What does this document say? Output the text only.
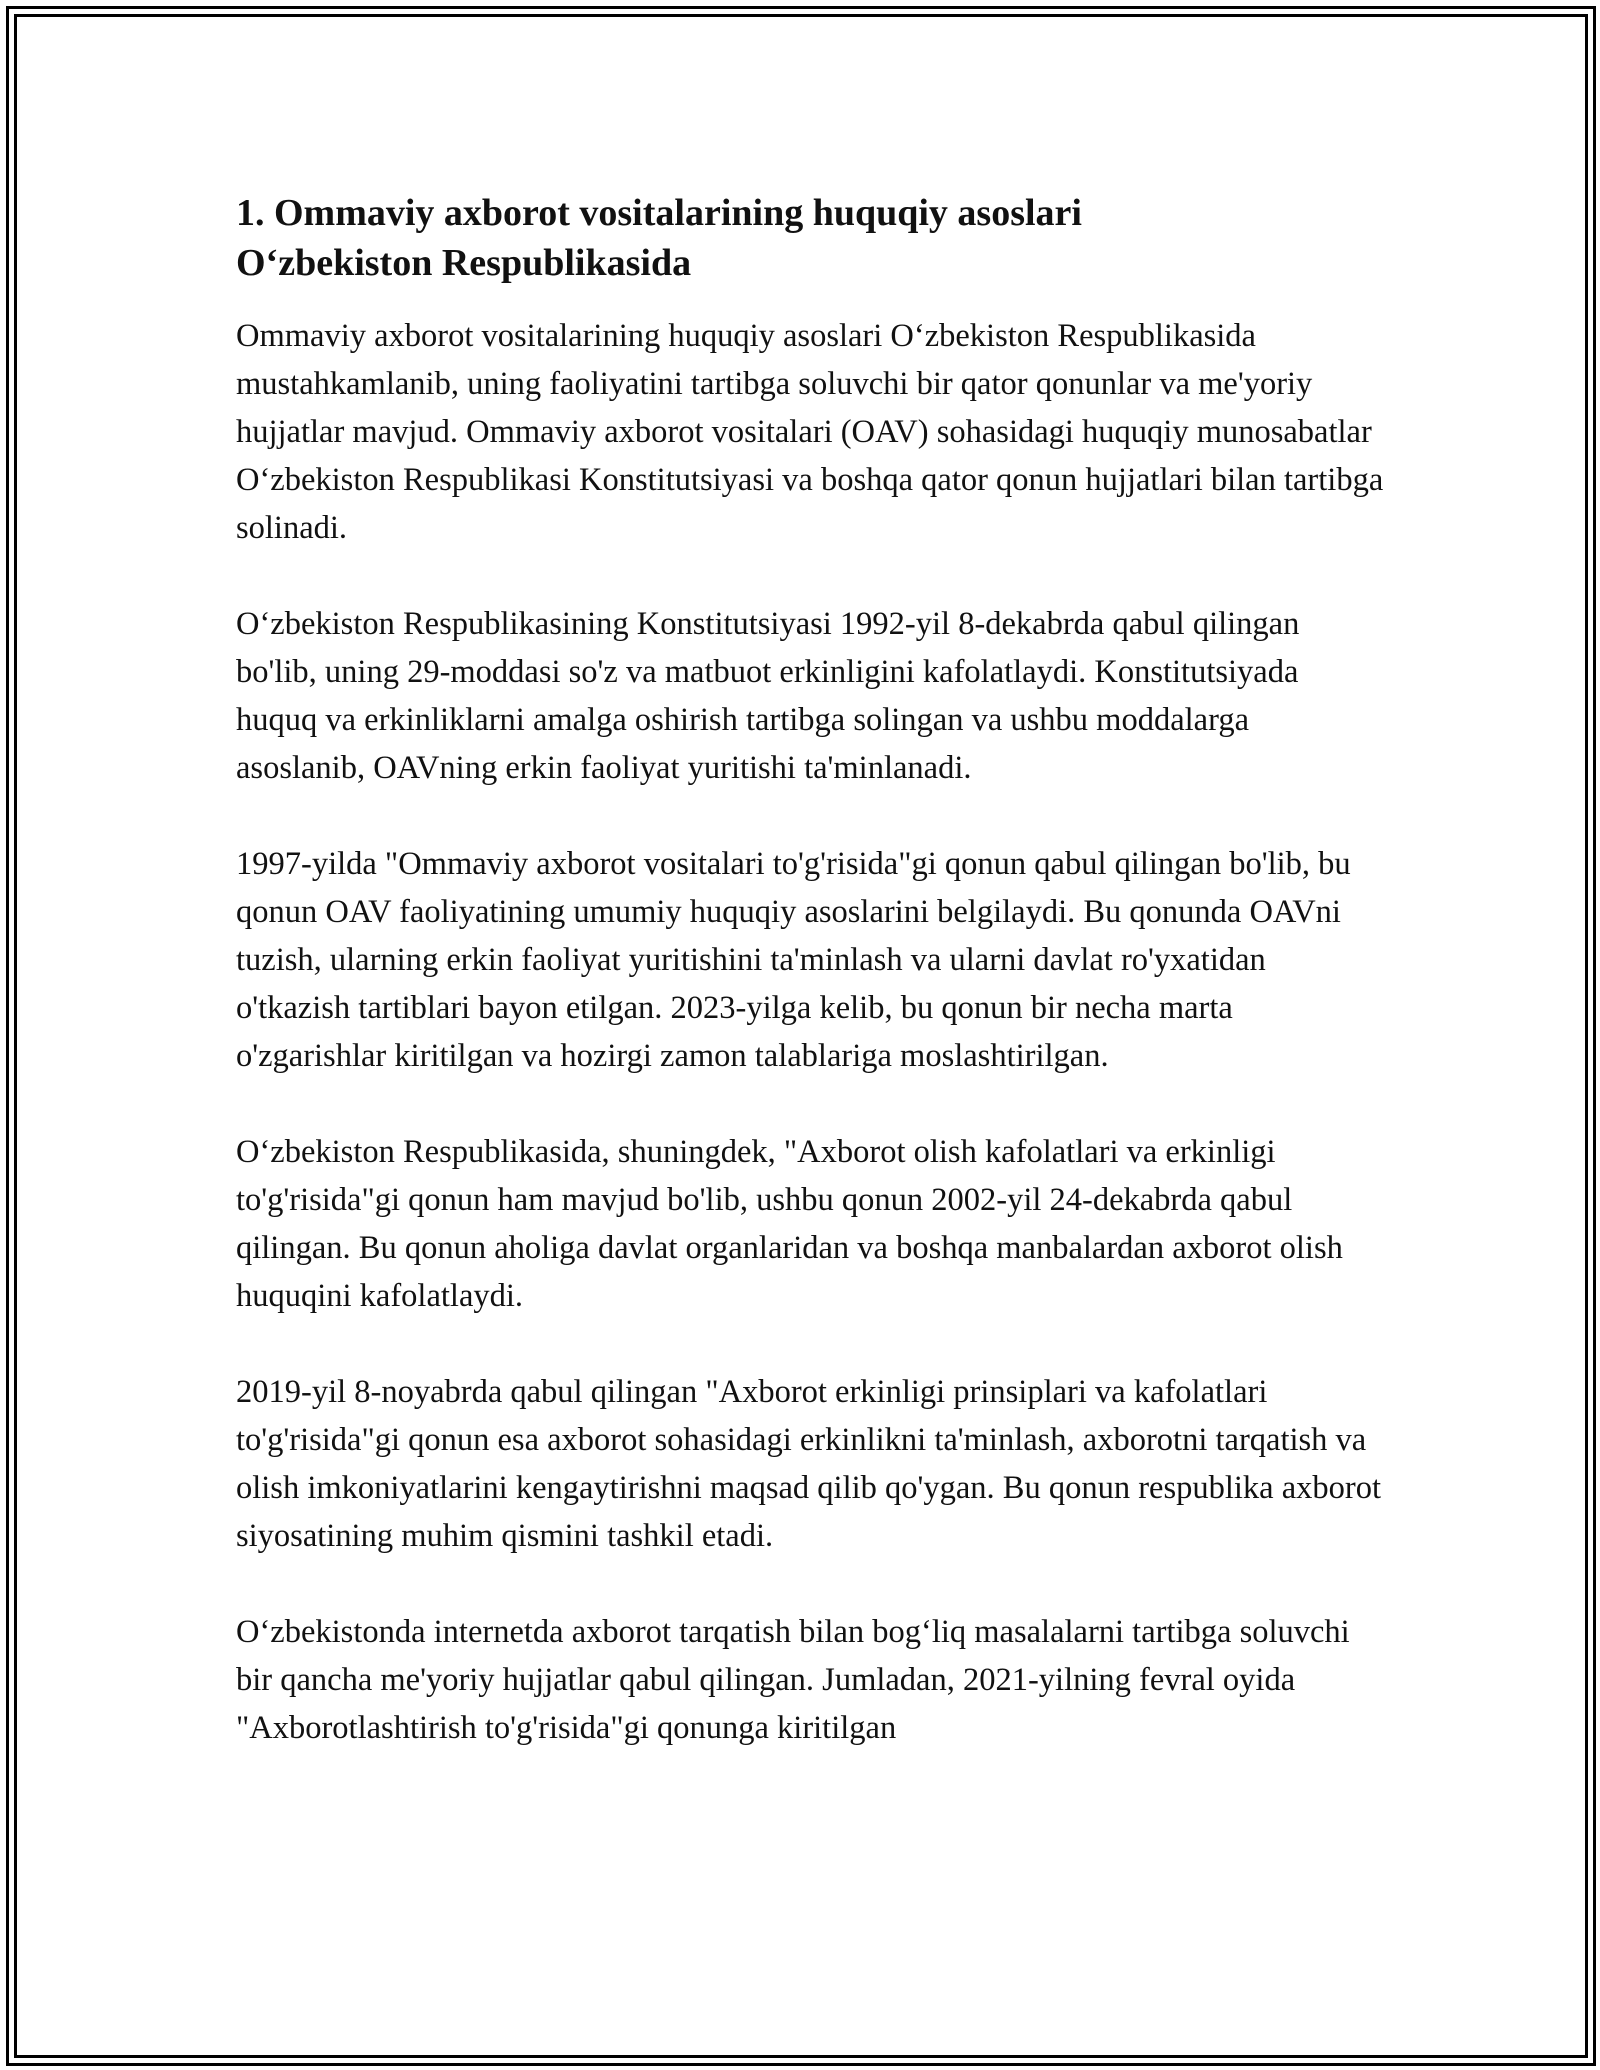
1. Ommaviy axborot vositalarining huquqiy asoslari
O‘zbekiston Respublikasida

Ommaviy axborot vositalarining huquqiy asoslari O‘zbekiston Respublikasida mustahkamlanib, uning faoliyatini tartibga soluvchi bir qator qonunlar va me'yoriy hujjatlar mavjud. Ommaviy axborot vositalari (OAV) sohasidagi huquqiy munosabatlar O‘zbekiston Respublikasi Konstitutsiyasi va boshqa qator qonun hujjatlari bilan tartibga solinadi.

O‘zbekiston Respublikasining Konstitutsiyasi 1992-yil 8-dekabrda qabul qilingan bo'lib, uning 29-moddasi so'z va matbuot erkinligini kafolatlaydi. Konstitutsiyada huquq va erkinliklarni amalga oshirish tartibga solingan va ushbu moddalarga asoslanib, OAVning erkin faoliyat yuritishi ta'minlanadi.

1997-yilda "Ommaviy axborot vositalari to'g'risida"gi qonun qabul qilingan bo'lib, bu qonun OAV faoliyatining umumiy huquqiy asoslarini belgilaydi. Bu qonunda OAVni tuzish, ularning erkin faoliyat yuritishini ta'minlash va ularni davlat ro'yxatidan o'tkazish tartiblari bayon etilgan. 2023-yilga kelib, bu qonun bir necha marta o'zgarishlar kiritilgan va hozirgi zamon talablariga moslashtirilgan.

O‘zbekiston Respublikasida, shuningdek, "Axborot olish kafolatlari va erkinligi to'g'risida"gi qonun ham mavjud bo'lib, ushbu qonun 2002-yil 24-dekabrda qabul qilingan. Bu qonun aholiga davlat organlaridan va boshqa manbalardan axborot olish huquqini kafolatlaydi.

2019-yil 8-noyabrda qabul qilingan "Axborot erkinligi prinsiplari va kafolatlari to'g'risida"gi qonun esa axborot sohasidagi erkinlikni ta'minlash, axborotni tarqatish va olish imkoniyatlarini kengaytirishni maqsad qilib qo'ygan. Bu qonun respublika axborot siyosatining muhim qismini tashkil etadi.

O‘zbekistonda internetda axborot tarqatish bilan bog‘liq masalalarni tartibga soluvchi bir qancha me'yoriy hujjatlar qabul qilingan. Jumladan, 2021-yilning fevral oyida "Axborotlashtirish to'g'risida"gi qonunga kiritilgan
